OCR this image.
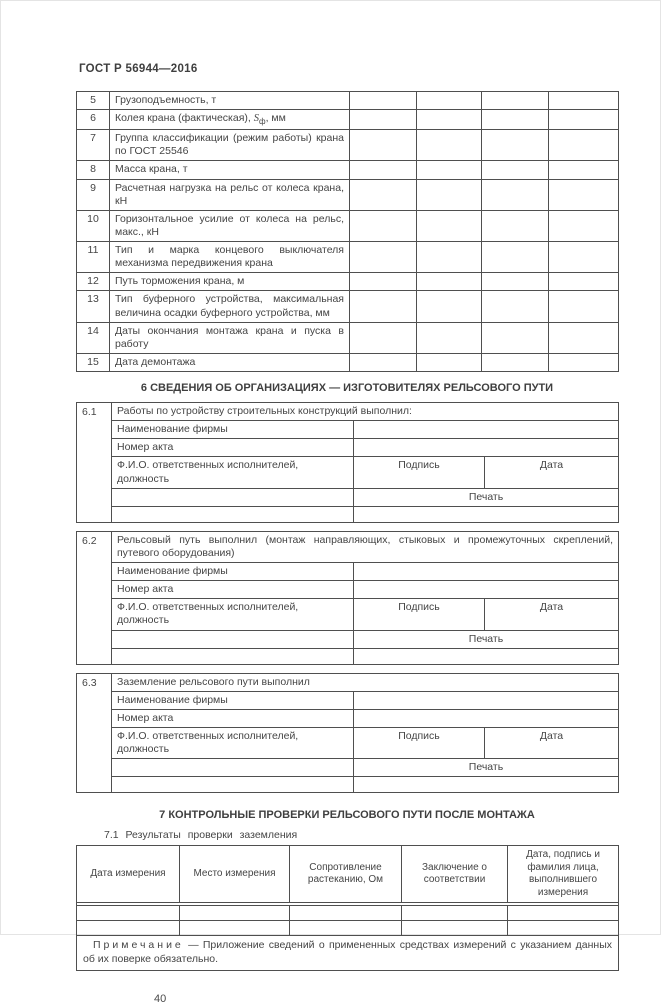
ГОСТ Р 56944—2016
5	Грузоподъемность, т				
6	Колея крана (фактическая), $S_ф$, мм				
7	Группа классификации (режим работы) крана по ГОСТ 25546				
8	Масса крана, т				
9	Расчетная нагрузка на рельс от колеса крана, кН				
10	Горизонтальное усилие от колеса на рельс, макс., кН				
11	Тип и марка концевого выключателя механизма передвижения крана				
12	Путь торможения крана, м				
13	Тип буферного устройства, максимальная величина осадки буферного устройства, мм				
14	Даты окончания монтажа крана и пуска в работу				
15	Дата демонтажа				
6 СВЕДЕНИЯ ОБ ОРГАНИЗАЦИЯХ — ИЗГОТОВИТЕЛЯХ РЕЛЬСОВОГО ПУТИ
6.1	Работы по устройству строительных конструкций выполнил:		
	Наименование фирмы		
	Номер акта		
	Ф.И.О. ответственных исполнителей, должность	Подпись	Дата
		Печать	

6.2	Рельсовый путь выполнил (монтаж направляющих, стыковых и промежуточных скреплений, путевого оборудования)		
	Наименование фирмы		
	Номер акта		
	Ф.И.О. ответственных исполнителей, должность	Подпись	Дата
		Печать	

6.3	Заземление рельсового пути выполнил		
	Наименование фирмы		
	Номер акта		
	Ф.И.О. ответственных исполнителей, должность	Подпись	Дата
		Печать	

7 КОНТРОЛЬНЫЕ ПРОВЕРКИ РЕЛЬСОВОГО ПУТИ ПОСЛЕ МОНТАЖА
7.1 Результаты проверки заземления
Дата измерения	Место измерения	Сопротивление растеканию, Ом	Заключение о соответствии	Дата, подпись и фамилия лица, выполнившего измерения

Примечание — Приложение сведений о примененных средствах измерений с указанием данных об их поверке обязательно.				
40
